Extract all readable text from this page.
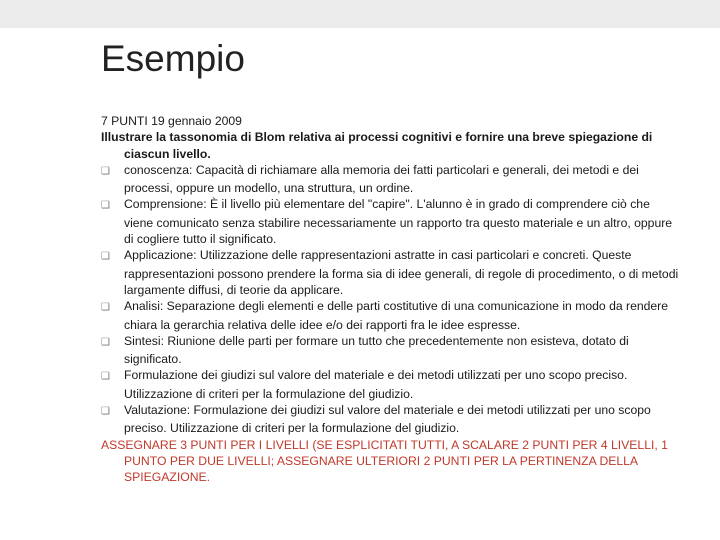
Esempio

7 PUNTI 19 gennaio 2009

Illustrare la tassonomia di Blom relativa ai processi cognitivi e fornire una breve spiegazione di ciascun livello.

❑ conoscenza: Capacità di richiamare alla memoria dei fatti particolari e generali, dei metodi e dei processi, oppure un modello, una struttura, un ordine.

❑ Comprensione: È il livello più elementare del "capire". L'alunno è in grado di comprendere ciò che viene comunicato senza stabilire necessariamente un rapporto tra questo materiale e un altro, oppure di cogliere tutto il significato.

❑ Applicazione: Utilizzazione delle rappresentazioni astratte in casi particolari e concreti. Queste rappresentazioni possono prendere la forma sia di idee generali, di regole di procedimento, o di metodi largamente diffusi, di teorie da applicare.

❑ Analisi: Separazione degli elementi e delle parti costitutive di una comunicazione in modo da rendere chiara la gerarchia relativa delle idee e/o dei rapporti fra le idee espresse.

❑ Sintesi: Riunione delle parti per formare un tutto che precedentemente non esisteva, dotato di significato.

❑ Formulazione dei giudizi sul valore del materiale e dei metodi utilizzati per uno scopo preciso. Utilizzazione di criteri per la formulazione del giudizio.

❑ Valutazione: Formulazione dei giudizi sul valore del materiale e dei metodi utilizzati per uno scopo preciso. Utilizzazione di criteri per la formulazione del giudizio.

ASSEGNARE 3 PUNTI PER I LIVELLI (SE ESPLICITATI TUTTI, A SCALARE 2 PUNTI PER 4 LIVELLI, 1 PUNTO PER DUE LIVELLI; ASSEGNARE ULTERIORI 2 PUNTI PER LA PERTINENZA DELLA SPIEGAZIONE.
